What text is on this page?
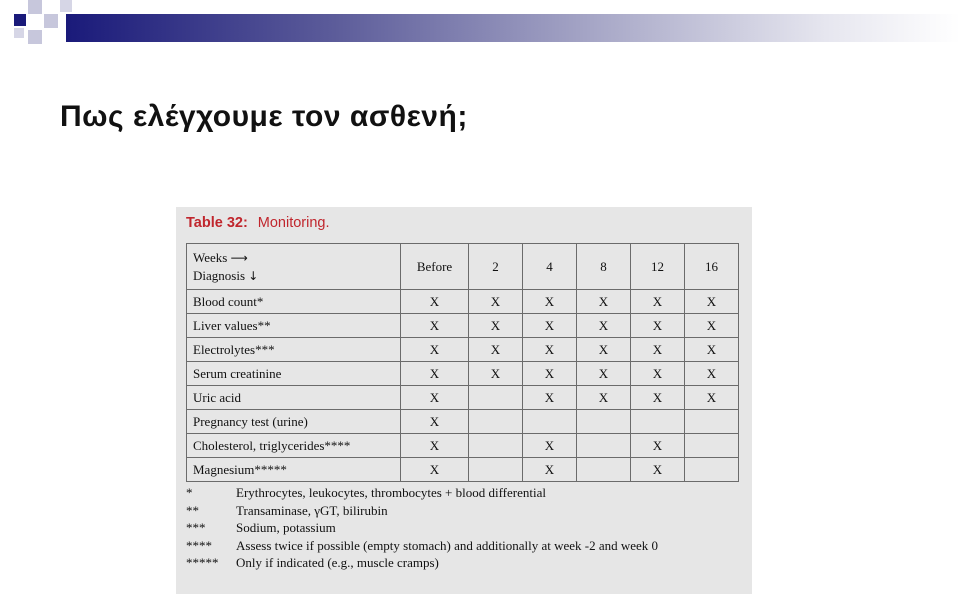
Πως ελέγχουμε τον ασθενή;
Table 32: Monitoring.
Weeks ⟶
Diagnosis ↓	Before	2	4	8	12	16
Blood count*	X	X	X	X	X	X
Liver values**	X	X	X	X	X	X
Electrolytes***	X	X	X	X	X	X
Serum creatinine	X	X	X	X	X	X
Uric acid	X		X	X	X	X
Pregnancy test (urine)	X					
Cholesterol, triglycerides****	X		X		X	
Magnesium*****	X		X		X	
*	Erythrocytes, leukocytes, thrombocytes + blood differential
**	Transaminase, γGT, bilirubin
***	Sodium, potassium
****	Assess twice if possible (empty stomach) and additionally at week -2 and week 0
*****	Only if indicated (e.g., muscle cramps)
